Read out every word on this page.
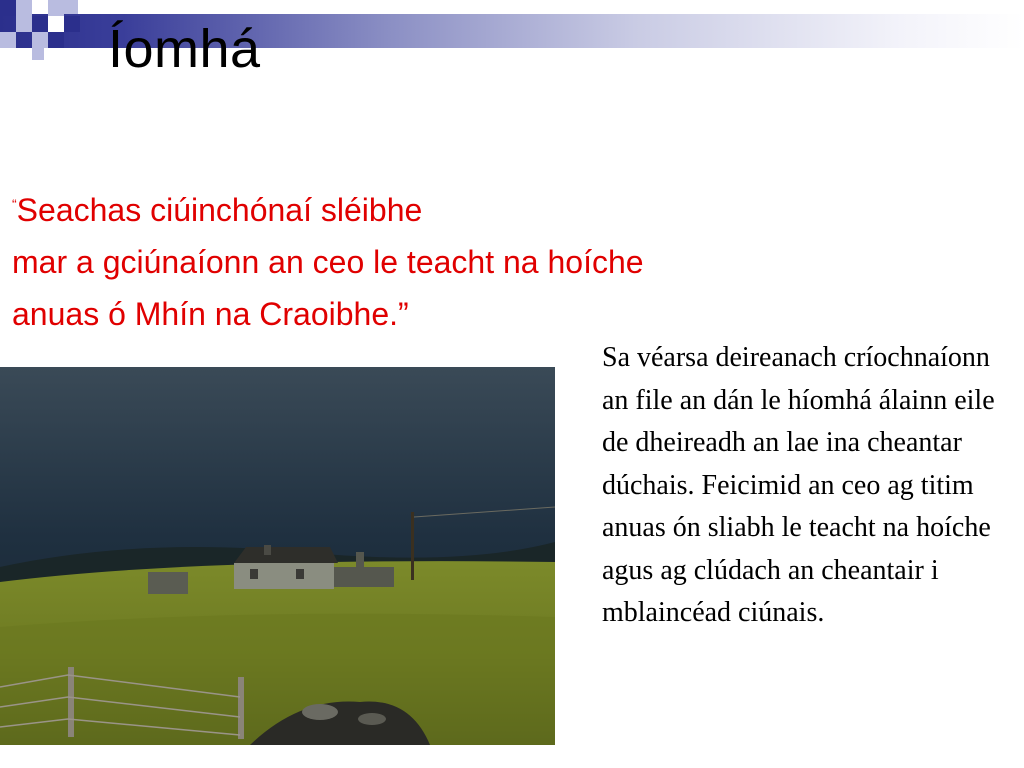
Íomhá
“Seachas ciúinchónaí sléibhe
mar a gciúnaíonn an ceo le teacht na hoíche
anuas ó Mhín na Craoibhe.”
Sa véarsa deireanach críochnaíonn an file an dán le híomhá álainn eile de dheireadh an lae ina cheantar dúchais. Feicimid an ceo ag titim anuas ón sliabh le teacht na hoíche agus ag clúdach an cheantair i mblaincéad ciúnais.
